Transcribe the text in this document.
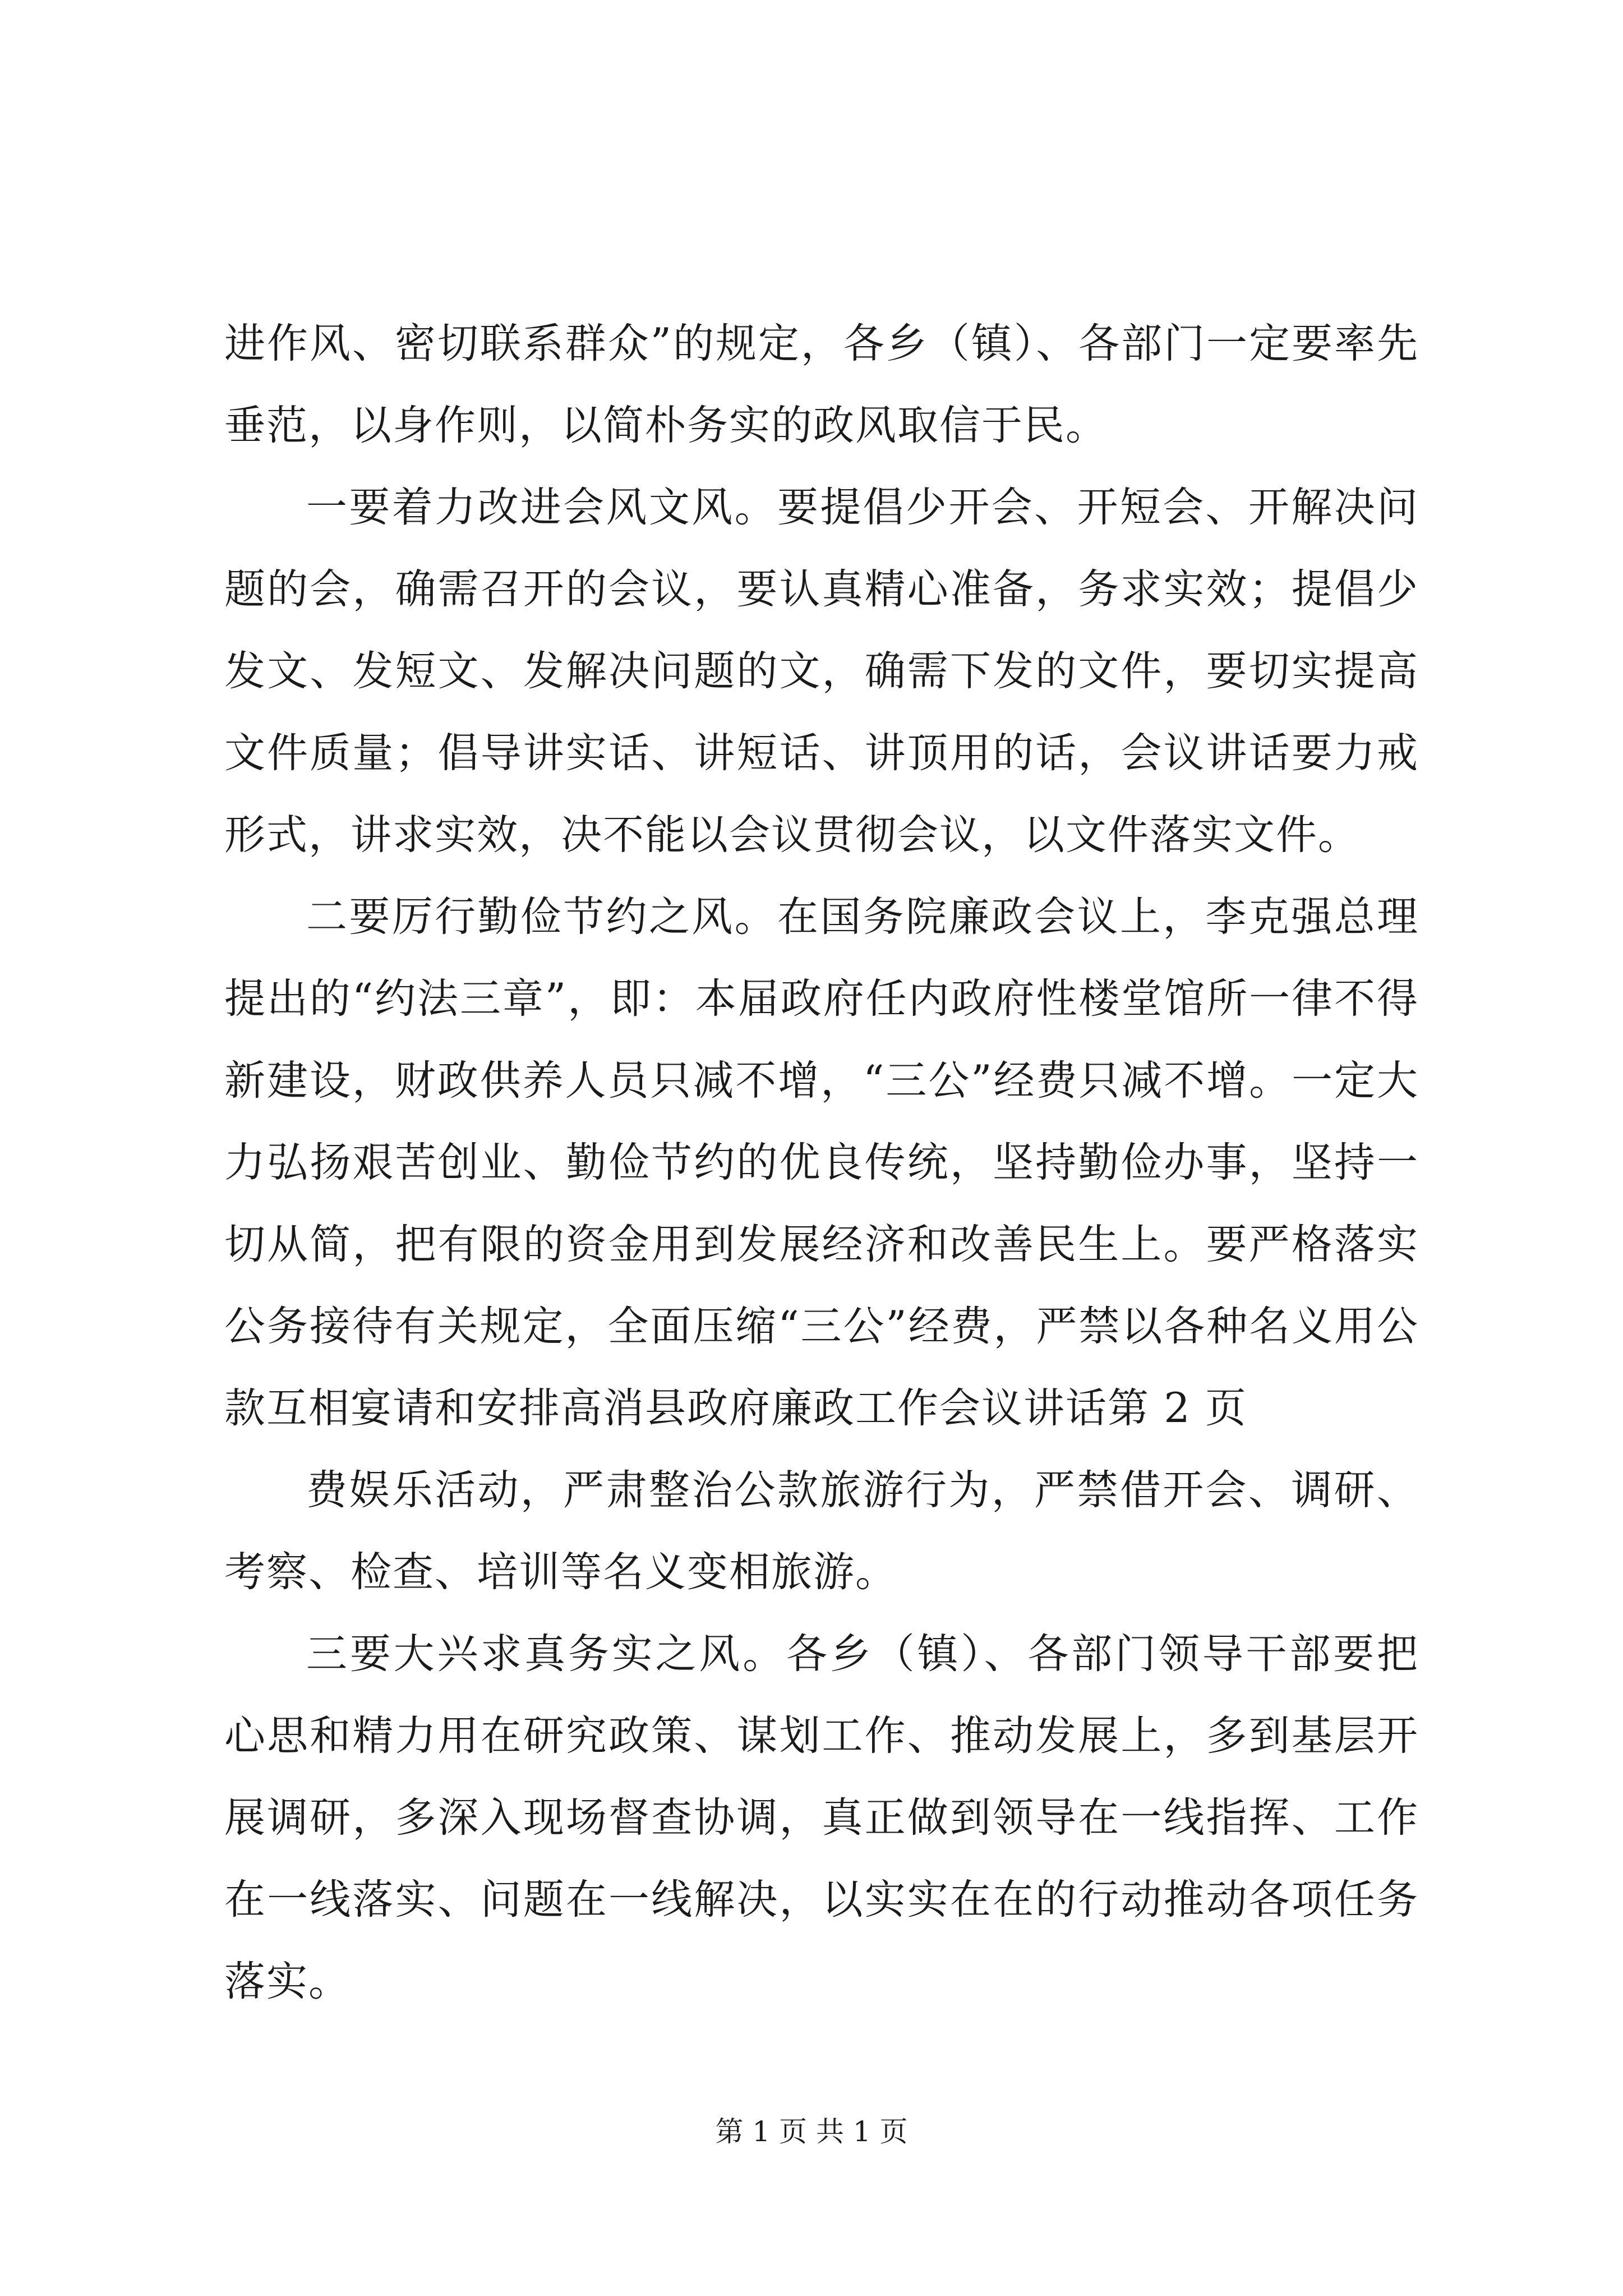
进作风、密切联系群众”的规定，各乡（镇）、各部门一定要率先垂范，以身作则，以简朴务实的政风取信于民。

一要着力改进会风文风。要提倡少开会、开短会、开解决问题的会，确需召开的会议，要认真精心准备，务求实效；提倡少发文、发短文、发解决问题的文，确需下发的文件，要切实提高文件质量；倡导讲实话、讲短话、讲顶用的话，会议讲话要力戒形式，讲求实效，决不能以会议贯彻会议，以文件落实文件。

二要厉行勤俭节约之风。在国务院廉政会议上，李克强总理提出的“约法三章”，即：本届政府任内政府性楼堂馆所一律不得新建设，财政供养人员只减不增，“三公”经费只减不增。一定大力弘扬艰苦创业、勤俭节约的优良传统，坚持勤俭办事，坚持一切从简，把有限的资金用到发展经济和改善民生上。要严格落实公务接待有关规定，全面压缩“三公”经费，严禁以各种名义用公款互相宴请和安排高消县政府廉政工作会议讲话第 2 页

费娱乐活动，严肃整治公款旅游行为，严禁借开会、调研、考察、检查、培训等名义变相旅游。

三要大兴求真务实之风。各乡（镇）、各部门领导干部要把心思和精力用在研究政策、谋划工作、推动发展上，多到基层开展调研，多深入现场督查协调，真正做到领导在一线指挥、工作在一线落实、问题在一线解决，以实实在在的行动推动各项任务落实。

第 1 页 共 1 页
